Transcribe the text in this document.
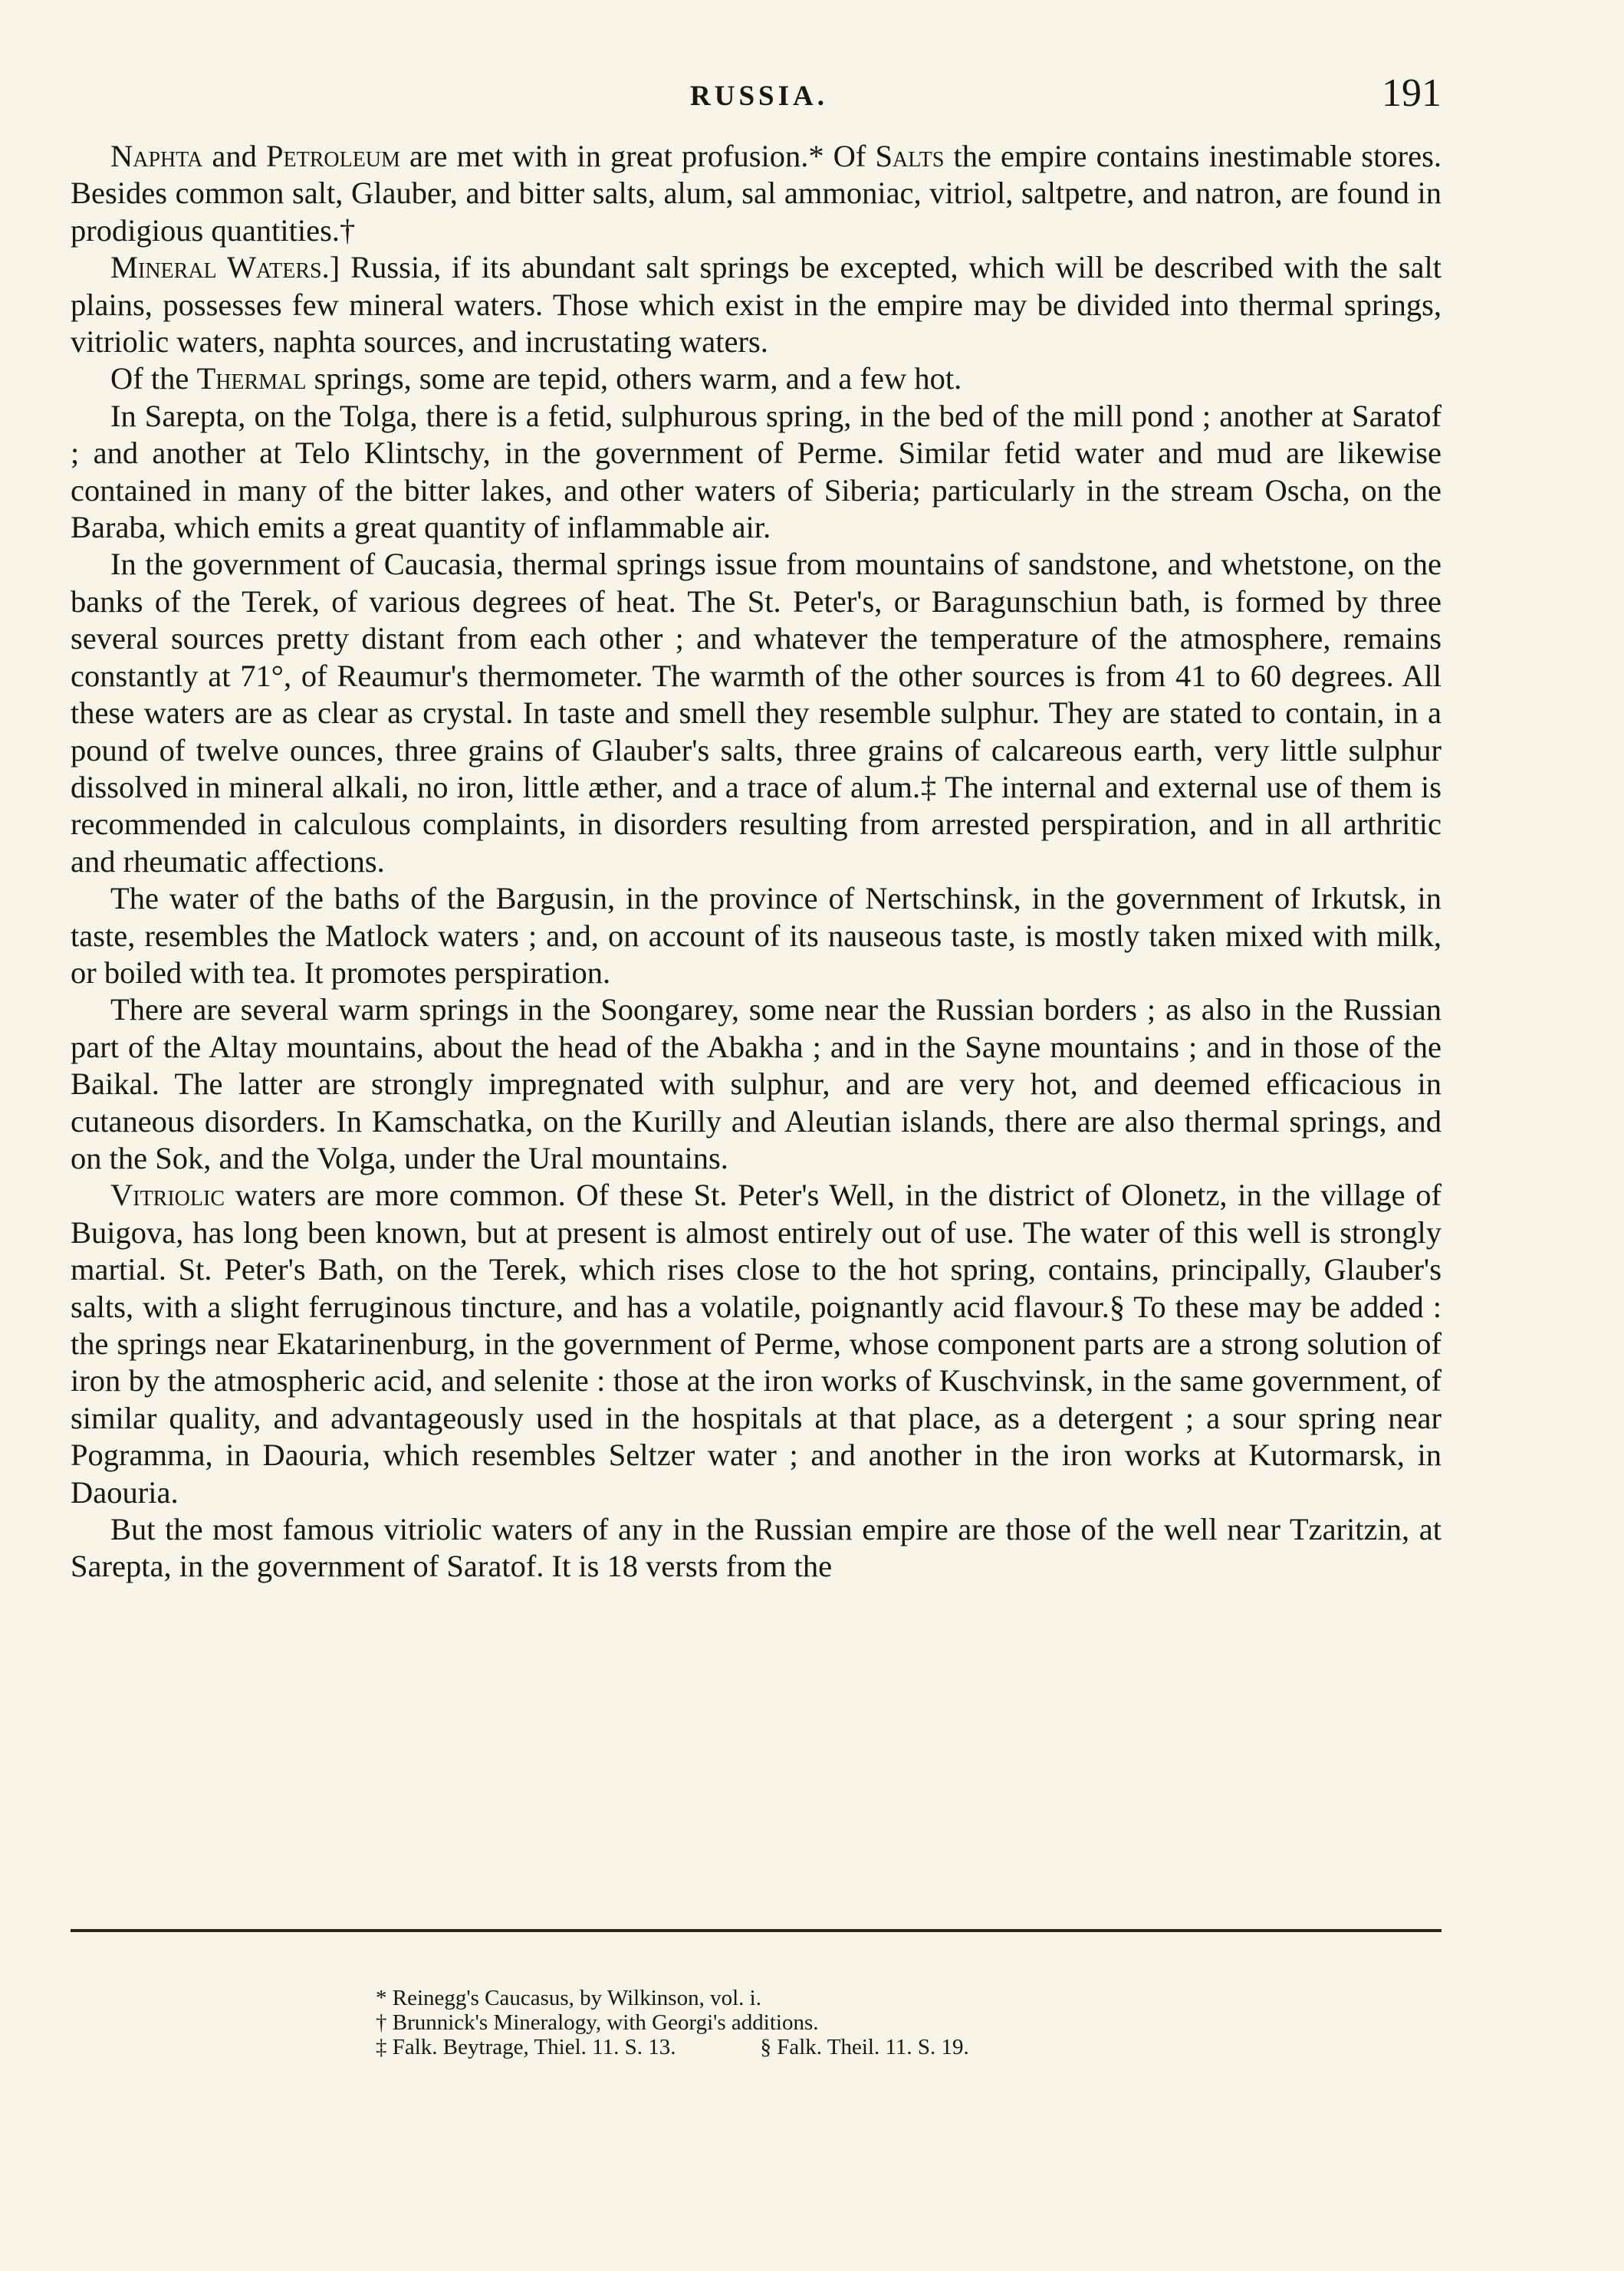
RUSSIA.	191

Naphta and Petroleum are met with in great profusion.* Of Salts the empire contains inestimable stores. Besides common salt, Glauber, and bitter salts, alum, sal ammoniac, vitriol, saltpetre, and natron, are found in prodigious quantities.†

Mineral Waters.] Russia, if its abundant salt springs be excepted, which will be described with the salt plains, possesses few mineral waters. Those which exist in the empire may be divided into thermal springs, vitriolic waters, naphta sources, and incrustating waters.

Of the Thermal springs, some are tepid, others warm, and a few hot.

In Sarepta, on the Tolga, there is a fetid, sulphurous spring, in the bed of the mill pond ; another at Saratof ; and another at Telo Klintschy, in the government of Perme. Similar fetid water and mud are likewise contained in many of the bitter lakes, and other waters of Siberia; particularly in the stream Oscha, on the Baraba, which emits a great quantity of inflammable air.

In the government of Caucasia, thermal springs issue from mountains of sandstone, and whetstone, on the banks of the Terek, of various degrees of heat. The St. Peter's, or Baragunschiun bath, is formed by three several sources pretty distant from each other ; and whatever the temperature of the atmosphere, remains constantly at 71°, of Reaumur's thermometer. The warmth of the other sources is from 41 to 60 degrees. All these waters are as clear as crystal. In taste and smell they resemble sulphur. They are stated to contain, in a pound of twelve ounces, three grains of Glauber's salts, three grains of calcareous earth, very little sulphur dissolved in mineral alkali, no iron, little æther, and a trace of alum.‡ The internal and external use of them is recommended in calculous complaints, in disorders resulting from arrested perspiration, and in all arthritic and rheumatic affections.

The water of the baths of the Bargusin, in the province of Nertschinsk, in the government of Irkutsk, in taste, resembles the Matlock waters ; and, on account of its nauseous taste, is mostly taken mixed with milk, or boiled with tea. It promotes perspiration.

There are several warm springs in the Soongarey, some near the Russian borders ; as also in the Russian part of the Altay mountains, about the head of the Abakha ; and in the Sayne mountains ; and in those of the Baikal. The latter are strongly impregnated with sulphur, and are very hot, and deemed efficacious in cutaneous disorders. In Kamschatka, on the Kurilly and Aleutian islands, there are also thermal springs, and on the Sok, and the Volga, under the Ural mountains.

Vitriolic waters are more common. Of these St. Peter's Well, in the district of Olonetz, in the village of Buigova, has long been known, but at present is almost entirely out of use. The water of this well is strongly martial. St. Peter's Bath, on the Terek, which rises close to the hot spring, contains, principally, Glauber's salts, with a slight ferruginous tincture, and has a volatile, poignantly acid flavour.§ To these may be added : the springs near Ekatarinenburg, in the government of Perme, whose component parts are a strong solution of iron by the atmospheric acid, and selenite : those at the iron works of Kuschvinsk, in the same government, of similar quality, and advantageously used in the hospitals at that place, as a detergent ; a sour spring near Pogramma, in Daouria, which resembles Seltzer water ; and another in the iron works at Kutormarsk, in Daouria.

But the most famous vitriolic waters of any in the Russian empire are those of the well near Tzaritzin, at Sarepta, in the government of Saratof. It is 18 versts from the

* Reinegg's Caucasus, by Wilkinson, vol. i.
† Brunnick's Mineralogy, with Georgi's additions.
‡ Falk. Beytrage, Thiel. 11. S. 13.	§ Falk. Theil. 11. S. 19.
